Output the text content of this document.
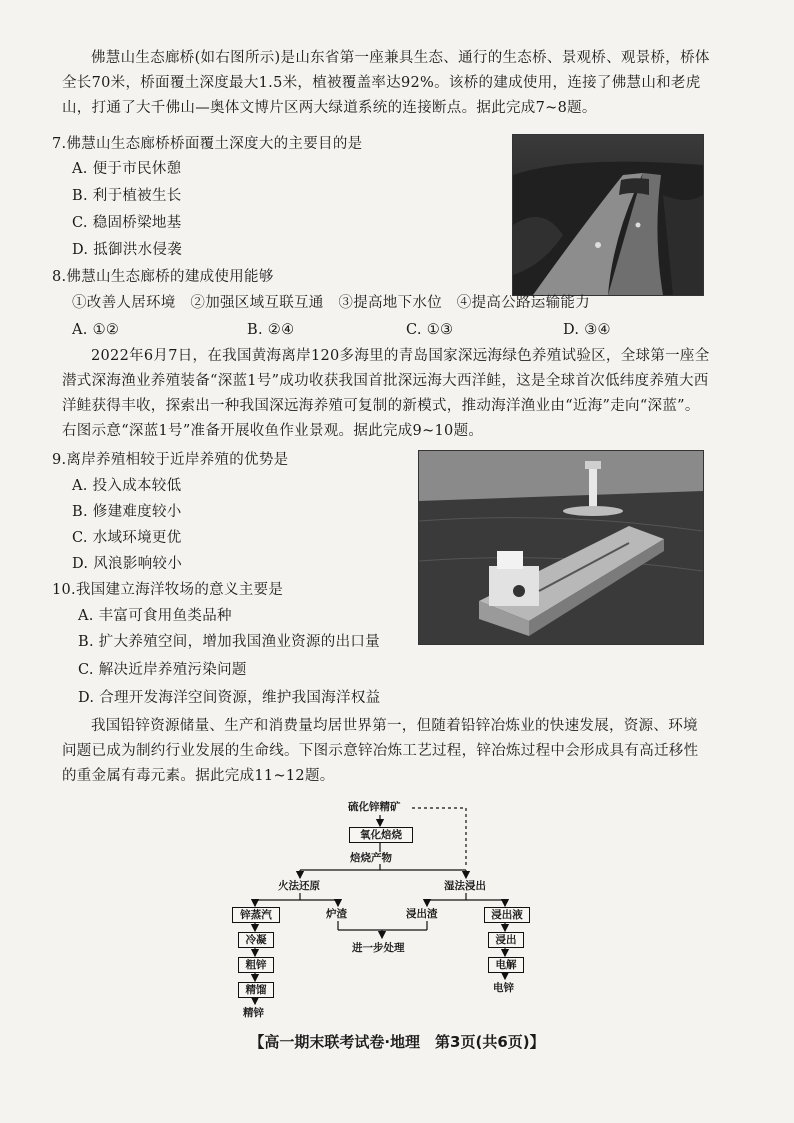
佛慧山生态廊桥(如右图所示)是山东省第一座兼具生态、通行的生态桥、景观桥、观景桥，桥体全长70米，桥面覆土深度最大1.5米，植被覆盖率达92%。该桥的建成使用，连接了佛慧山和老虎山，打通了大千佛山—奥体文博片区两大绿道系统的连接断点。据此完成7~8题。
7.佛慧山生态廊桥桥面覆土深度大的主要目的是
A. 便于市民休憩
B. 利于植被生长
C. 稳固桥梁地基
D. 抵御洪水侵袭
8.佛慧山生态廊桥的建成使用能够
①改善人居环境　②加强区域互联互通　③提高地下水位　④提高公路运输能力
A. ①②	B. ②④	C. ①③	D. ③④
2022年6月7日，在我国黄海离岸120多海里的青岛国家深远海绿色养殖试验区，全球第一座全潜式深海渔业养殖装备“深蓝1号”成功收获我国首批深远海大西洋鲑，这是全球首次低纬度养殖大西洋鲑获得丰收，探索出一种我国深远海养殖可复制的新模式，推动海洋渔业由“近海”走向“深蓝”。右图示意“深蓝1号”准备开展收鱼作业景观。据此完成9~10题。
9.离岸养殖相较于近岸养殖的优势是
A. 投入成本较低
B. 修建难度较小
C. 水域环境更优
D. 风浪影响较小
10.我国建立海洋牧场的意义主要是
A. 丰富可食用鱼类品种
B. 扩大养殖空间，增加我国渔业资源的出口量
C. 解决近岸养殖污染问题
D. 合理开发海洋空间资源，维护我国海洋权益
我国铅锌资源储量、生产和消费量均居世界第一，但随着铅锌冶炼业的快速发展，资源、环境问题已成为制约行业发展的生命线。下图示意锌冶炼工艺过程，锌冶炼过程中会形成具有高迁移性的重金属有毒元素。据此完成11~12题。
硫化锌精矿
氧化焙烧
焙烧产物
火法还原	湿法浸出
锌蒸汽	炉渣	浸出渣	浸出液
冷凝
进一步处理
浸出
粗锌	电解
精馏	电锌
精锌
【高一期末联考试卷·地理　第3页(共6页)】
